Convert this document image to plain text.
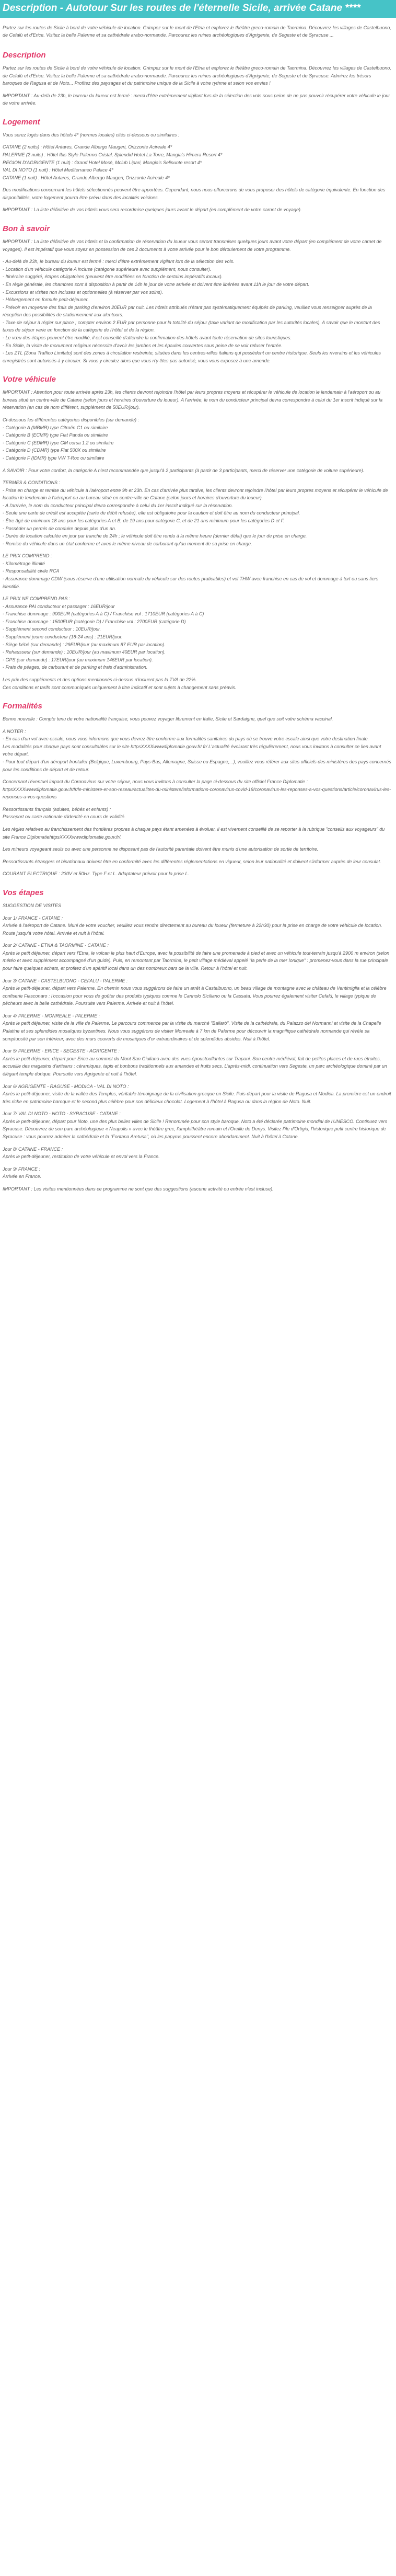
Description - Autotour Sur les routes de l'éternelle Sicile, arrivée Catane ****

Partez sur les routes de Sicile à bord de votre véhicule de location. Grimpez sur le mont de l'Etna et explorez le théâtre greco-romain de Taormina. Découvrez les villages de Castelbuono, de Cefalù et d'Erice. Visitez la belle Palerme et sa cathédrale arabo-normande. Parcourez les ruines archéologiques d'Agrigente, de Segeste et de Syracuse ...

Description
Partez sur les routes de Sicile à bord de votre véhicule de location. Grimpez sur le mont de l'Etna et explorez le théâtre greco-romain de Taormina. Découvrez les villages de Castelbuono, de Cefalù et d'Erice. Visitez la belle Palerme et sa cathédrale arabo-normande. Parcourez les ruines archéologiques d'Agrigente, de Segeste et de Syracuse. Admirez les trésors baroques de Ragusa et de Noto... Profitez des paysages et du patrimoine unique de la Sicile à votre rythme et selon vos envies !
IMPORTANT : Au-delà de 23h, le bureau du loueur est fermé : merci d'être extrêmement vigilant lors de la sélection des vols sous peine de ne pas pouvoir récupérer votre véhicule le jour de votre arrivée.
Logement
Vous serez logés dans des hôtels 4* (normes locales) cités ci-dessous ou similaires :
CATANE (2 nuits) : Hôtel Antares, Grande Albergo Maugeri, Orizzonte Acireale 4*
PALERME (2 nuits) : Hôtel Ibis Style Palermo Cristal, Splendid Hotel La Torre, Mangia's Himera Resort 4*
REGION D'AGRIGENTE (1 nuit) : Grand Hotel Mosè, Mclub Lipari, Mangia's Selinunte resort 4*
VAL DI NOTO (1 nuit) : Hôtel Mediterraneo Palace 4*
CATANE (1 nuit) : Hôtel Antares, Grande Albergo Maugeri, Orizzonte Acireale 4*
Des modifications concernant les hôtels sélectionnés peuvent être apportées. Cependant, nous nous efforcerons de vous proposer des hôtels de catégorie équivalente. En fonction des disponibilités, votre logement pourra être prévu dans des localités voisines.
IMPORTANT : La liste définitive de vos hôtels vous sera recordmise quelques jours avant le départ (en complément de votre carnet de voyage).
Bon à savoir
IMPORTANT : La liste définitive de vos hôtels et la confirmation de réservation du loueur vous seront transmises quelques jours avant votre départ (en complément de votre carnet de voyages). Il est impératif que vous soyez en possession de ces 2 documents à votre arrivée pour le bon déroulement de votre programme.
- Au-delà de 23h, le bureau du loueur est fermé : merci d'être extrêmement vigilant lors de la sélection des vols.
- Location d'un véhicule catégorie A incluse (catégorie supérieure avec supplément, nous consulter).
- Itinéraire suggéré, étapes obligatoires (peuvent être modifiées en fonction de certains impératifs locaux).
- En règle générale, les chambres sont à disposition à partir de 14h le jour de votre arrivée et doivent être libérées avant 11h le jour de votre départ.
- Excursions et visites non incluses et optionnelles (à réserver par vos soins).
- Hébergement en formule petit-déjeuner.
- Prévoir en moyenne des frais de parking d'environ 20EUR par nuit. Les hôtels attribués n'étant pas systématiquement équipés de parking, veuillez vous renseigner auprès de la réception des possibilités de stationnement aux alentours.
- Taxe de séjour à régler sur place ; compter environ 2 EUR par personne pour la totalité du séjour (taxe variant de modification par les autorités locales). A savoir que le montant des taxes de séjour varie en fonction de la catégorie de l'hôtel et de la région.
- Le vœu des étapes peuvent être modifié, il est conseillé d'attendre la confirmation des hôtels avant toute réservation de sites touristiques.
- En Sicile, la visite de monument religieux nécessite d'avoir les jambes et les épaules couvertes sous peine de se voir refuser l'entrée.
- Les ZTL (Zona Traffico Limitato) sont des zones à circulation restreinte, situées dans les centres-villes italiens qui possèdent un centre historique. Seuls les riverains et les véhicules enregistrés sont autorisés à y circuler. Si vous y circulez alors que vous n'y êtes pas autorisé, vous vous exposez à une amende.
Votre véhicule
IMPORTANT : Attention pour toute arrivée après 23h, les clients devront rejoindre l'hôtel par leurs propres moyens et récupérer le véhicule de location le lendemain à l'aéroport ou au bureau situé en centre-ville de Catane (selon jours et horaires d'ouverture du loueur). A l'arrivée, le nom du conducteur principal devra correspondre à celui du 1er inscrit indiqué sur la réservation (en cas de nom différent, supplément de 50EUR/jour).
Ci-dessous les différentes catégories disponibles (sur demande) :
- Catégorie A (MBMR) type Citroën C1 ou similaire
- Catégorie B (ECMR) type Fiat Panda ou similaire
- Catégorie C (EDMR) type GM corsa 1.2 ou similaire
- Catégorie D (CDMR) type Fiat 500X ou similaire
- Catégorie F (IDMR) type VW T-Roc ou similaire
A SAVOIR : Pour votre confort, la catégorie A n'est recommandée que jusqu'à 2 participants (à partir de 3 participants, merci de réserver une catégorie de voiture supérieure).
TERMES & CONDITIONS :
- Prise en charge et remise du véhicule à l'aéroport entre 9h et 23h. En cas d'arrivée plus tardive, les clients devront rejoindre l'hôtel par leurs propres moyens et récupérer le véhicule de location le lendemain à l'aéroport ou au bureau situé en centre-ville de Catane (selon jours et horaires d'ouverture du loueur).
- A l'arrivée, le nom du conducteur principal devra correspondre à celui du 1er inscrit indiqué sur la réservation.
- Seule une carte de crédit est acceptée (carte de débit refusée), elle est obligatoire pour la caution et doit être au nom du conducteur principal.
- Être âgé de minimum 18 ans pour les catégories A et B, de 19 ans pour catégorie C, et de 21 ans minimum pour les catégories D et F.
- Posséder un permis de conduire depuis plus d'un an.
- Durée de location calculée en jour par tranche de 24h ; le véhicule doit être rendu à la même heure (dernier délai) que le jour de prise en charge.
- Remise du véhicule dans un état conforme et avec le même niveau de carburant qu'au moment de sa prise en charge.
LE PRIX COMPREND :
- Kilométrage illimité
- Responsabilité civile RCA
- Assurance dommage CDW (sous réserve d'une utilisation normale du véhicule sur des routes praticables) et vol THW avec franchise en cas de vol et dommage à tort ou sans tiers identifié.
LE PRIX NE COMPREND PAS :
- Assurance PAI conducteur et passager : 16EUR/jour
- Franchise dommage : 900EUR (catégories A à C) / Franchise vol : 1710EUR (catégories A à C)
- Franchise dommage : 1500EUR (catégorie D) / Franchise vol : 2700EUR (catégorie D)
- Supplément second conducteur : 10EUR/jour.
- Supplément jeune conducteur (18-24 ans) : 21EUR/jour.
- Siège bébé (sur demande) : 29EUR/jour (au maximum 87 EUR par location).
- Rehausseur (sur demande) : 10EUR/jour (au maximum 40EUR par location).
- GPS (sur demande) : 17EUR/jour (au maximum 146EUR par location).
- Frais de péages, de carburant et de parking et frais d'administration.
Les prix des suppléments et des options mentionnés ci-dessus n'incluent pas la TVA de 22%.
Ces conditions et tarifs sont communiqués uniquement à titre indicatif et sont sujets à changement sans préavis.
Formalités
Bonne nouvelle : Compte tenu de votre nationalité française, vous pouvez voyager librement en Italie, Sicile et Sardaigne, quel que soit votre schéma vaccinal.
A NOTER :
- En cas d'un vol avec escale, nous vous informons que vous devrez être conforme aux formalités sanitaires du pays où se trouve votre escale ainsi que votre destination finale.
Les modalités pour chaque pays sont consultables sur le site httpsXXXXwwwdiplomatie.gouv.fr/ fr/ L'actualité évoluant très régulièrement, nous vous invitons à consulter ce lien avant votre départ.
- Pour tout départ d'un aéroport frontalier (Belgique, Luxembourg, Pays-Bas, Allemagne, Suisse ou Espagne,...), veuillez vous référer aux sites officiels des ministères des pays concernés pour les conditions de départ et de retour.
Concernant l'éventuel impact du Coronavirus sur votre séjour, nous vous invitons à consulter la page ci-dessous du site officiel France Diplomatie :
httpsXXXXwwwdiplomatie.gouv.fr/fr/le-ministere-et-son-reseau/actualites-du-ministere/informations-coronavirus-covid-19/coronavirus-les-reponses-a-vos-questions/article/coronavirus-les-reponses-a-vos-questions
Ressortissants français (adultes, bébés et enfants) :
Passeport ou carte nationale d'identité en cours de validité.
Les règles relatives au franchissement des frontières propres à chaque pays étant amenées à évoluer, il est vivement conseillé de se reporter à la rubrique "conseils aux voyageurs" du site France DiplomatiehttpsXXXXwwwdiplomatie.gouv.fr/.
Les mineurs voyageant seuls ou avec une personne ne disposant pas de l'autorité parentale doivent être munis d'une autorisation de sortie de territoire.
Ressortissants étrangers et binationaux doivent être en conformité avec les différentes réglementations en vigueur, selon leur nationalité et doivent s'informer auprès de leur consulat.
COURANT ELECTRIQUE : 230V et 50Hz. Type F et L. Adaptateur prévoir pour la prise L.
Vos étapes
SUGGESTION DE VISITES
Jour 1/ FRANCE - CATANE :
Arrivée à l'aéroport de Catane. Muni de votre voucher, veuillez vous rendre directement au bureau du loueur (fermeture à 22h30) pour la prise en charge de votre véhicule de location. Route jusqu'à votre hôtel. Arrivée et nuit à l'hôtel.
Jour 2/ CATANE - ETNA & TAORMINE - CATANE :
Après le petit déjeuner, départ vers l'Etna, le volcan le plus haut d'Europe, avec la possibilité de faire une promenade à pied et avec un véhicule tout-terrain jusqu'à 2900 m environ (selon météo et avec supplément accompagné d'un guide). Puis, en remontant par Taormina, le petit village médiéval appelé "la perle de la mer Ionique" : promenez-vous dans la rue principale pour faire quelques achats, et profitez d'un apéritif local dans un des nombreux bars de la ville. Retour à l'hôtel et nuit.
Jour 3/ CATANE - CASTELBUONO - CEFALU - PALERME :
Après le petit-déjeuner, départ vers Palerme. En chemin nous vous suggérons de faire un arrêt à Castelbuono, un beau village de montagne avec le château de Ventimiglia et la célèbre confiserie Fiasconaro : l'occasion pour vous de goûter des produits typiques comme le Cannolo Siciliano ou la Cassata. Vous pourrez également visiter Cefalù, le village typique de pêcheurs avec la belle cathédrale. Poursuite vers Palerme. Arrivée et nuit à l'hôtel.
Jour 4/ PALERME - MONREALE - PALERME :
Après le petit déjeuner, visite de la ville de Palerme. Le parcours commence par la visite du marché "Ballarò". Visite de la cathédrale, du Palazzo dei Normanni et visite de la Chapelle Palatine et ses splendides mosaïques byzantines. Nous vous suggérons de visiter Monreale à 7 km de Palerme pour découvrir la magnifique cathédrale normande qui révèle sa somptuosité par son intérieur, avec des murs couverts de mosaïques d'or extraordinaires et de splendides absides. Nuit à l'hôtel.
Jour 5/ PALERME - ERICE - SEGESTE - AGRIGENTE :
Après le petit déjeuner, départ pour Erice au sommet du Mont San Giuliano avec des vues époustouflantes sur Trapani. Son centre médiéval, fait de petites places et de rues étroites, accueille des magasins d'artisans : céramiques, tapis et bonbons traditionnels aux amandes et fruits secs. L'après-midi, continuation vers Segeste, un parc archéologique dominé par un élégant temple dorique. Poursuite vers Agrigente et nuit à l'hôtel.
Jour 6/ AGRIGENTE - RAGUSE - MODICA - VAL DI NOTO :
Après le petit-déjeuner, visite de la vallée des Temples, véritable témoignage de la civilisation grecque en Sicile. Puis départ pour la visite de Ragusa et Modica. La première est un endroit très riche en patrimoine baroque et le second plus célèbre pour son délicieux chocolat. Logement à l'hôtel à Ragusa ou dans la région de Noto. Nuit.
Jour 7/ VAL DI NOTO - NOTO - SYRACUSE - CATANE :
Après le petit-déjeuner, départ pour Noto, une des plus belles villes de Sicile ! Renommée pour son style baroque, Noto a été déclarée patrimoine mondial de l'UNESCO. Continuez vers Syracuse. Découvrez de son parc archéologique « Neapolis » avec le théâtre grec, l'amphithéâtre romain et l'Oreille de Denys. Visitez l'île d'Ortigia, l'historique petit centre historique de Syracuse : vous pourrez admirer la cathédrale et la "Fontana Aretusa", où les papyrus poussent encore abondamment. Nuit à l'hôtel à Catane.
Jour 8/ CATANE - FRANCE :
Après le petit-déjeuner, restitution de votre véhicule et envol vers la France.
Jour 9/ FRANCE :
Arrivée en France.
IMPORTANT : Les visites mentionnées dans ce programme ne sont que des suggestions (aucune activité ou entrée n'est incluse).
